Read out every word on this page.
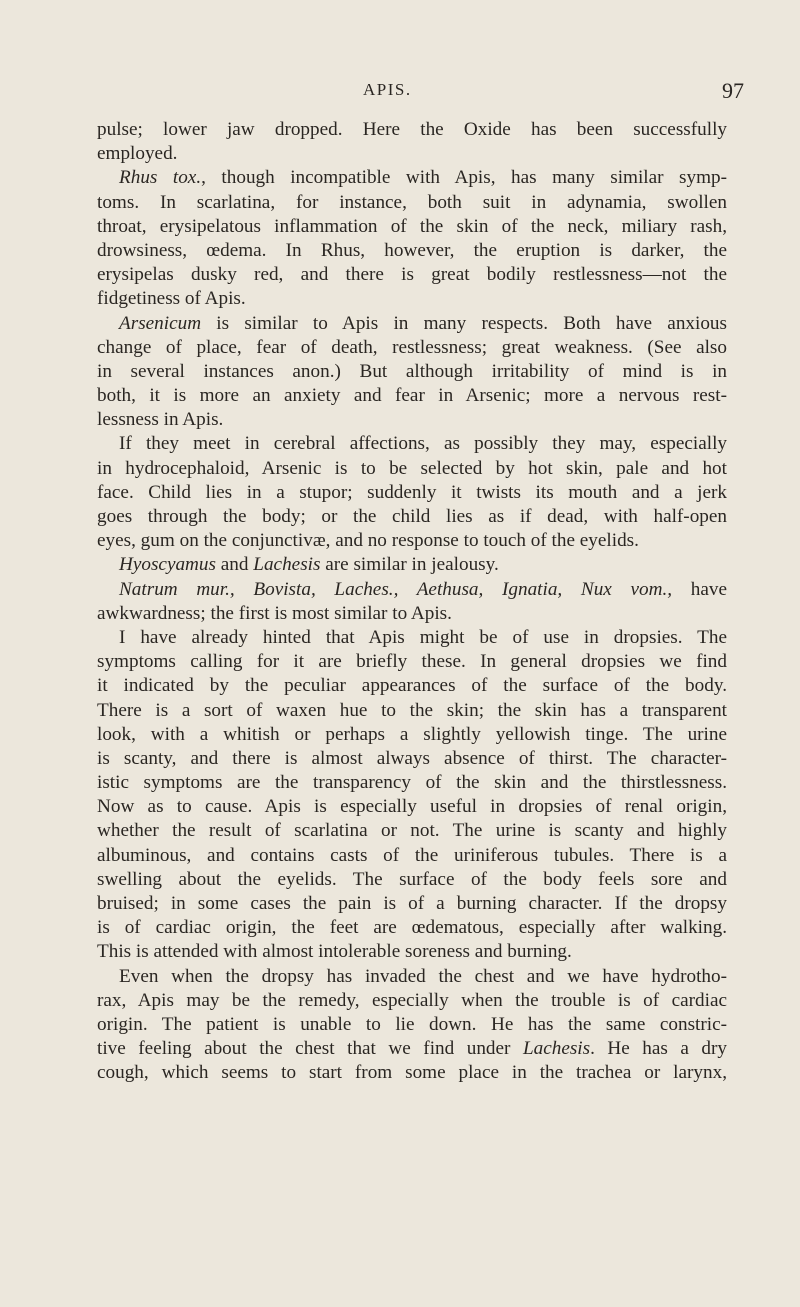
APIS.	97
pulse; lower jaw dropped. Here the Oxide has been successfully
employed.
Rhus tox., though incompatible with Apis, has many similar symp-
toms. In scarlatina, for instance, both suit in adynamia, swollen
throat, erysipelatous inflammation of the skin of the neck, miliary rash,
drowsiness, œdema. In Rhus, however, the eruption is darker, the
erysipelas dusky red, and there is great bodily restlessness—not the
fidgetiness of Apis.
Arsenicum is similar to Apis in many respects. Both have anxious
change of place, fear of death, restlessness; great weakness. (See also
in several instances anon.) But although irritability of mind is in
both, it is more an anxiety and fear in Arsenic; more a nervous rest-
lessness in Apis.
If they meet in cerebral affections, as possibly they may, especially
in hydrocephaloid, Arsenic is to be selected by hot skin, pale and hot
face. Child lies in a stupor; suddenly it twists its mouth and a jerk
goes through the body; or the child lies as if dead, with half-open
eyes, gum on the conjunctivæ, and no response to touch of the eyelids.
Hyoscyamus and Lachesis are similar in jealousy.
Natrum mur., Bovista, Laches., Aethusa, Ignatia, Nux vom., have
awkwardness; the first is most similar to Apis.
I have already hinted that Apis might be of use in dropsies. The
symptoms calling for it are briefly these. In general dropsies we find
it indicated by the peculiar appearances of the surface of the body.
There is a sort of waxen hue to the skin; the skin has a transparent
look, with a whitish or perhaps a slightly yellowish tinge. The urine
is scanty, and there is almost always absence of thirst. The character-
istic symptoms are the transparency of the skin and the thirstlessness.
Now as to cause. Apis is especially useful in dropsies of renal origin,
whether the result of scarlatina or not. The urine is scanty and highly
albuminous, and contains casts of the uriniferous tubules. There is a
swelling about the eyelids. The surface of the body feels sore and
bruised; in some cases the pain is of a burning character. If the dropsy
is of cardiac origin, the feet are œdematous, especially after walking.
This is attended with almost intolerable soreness and burning.
Even when the dropsy has invaded the chest and we have hydrotho-
rax, Apis may be the remedy, especially when the trouble is of cardiac
origin. The patient is unable to lie down. He has the same constric-
tive feeling about the chest that we find under Lachesis. He has a dry
cough, which seems to start from some place in the trachea or larynx,
